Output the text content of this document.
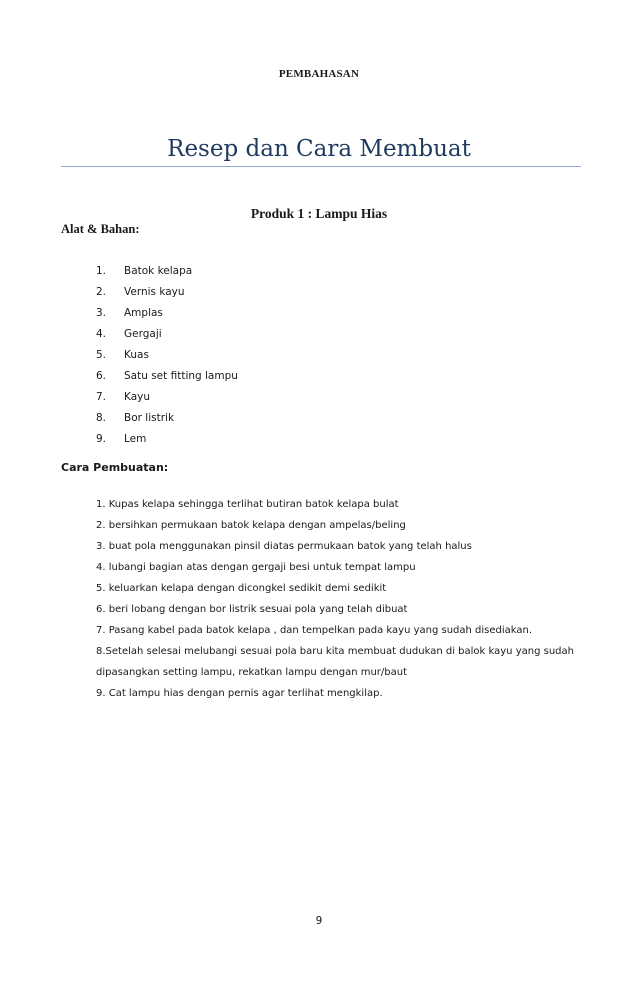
PEMBAHASAN
Resep dan Cara Membuat
Produk 1 : Lampu Hias
Alat & Bahan:
1.	Batok kelapa
2.	Vernis kayu
3.	Amplas
4.	Gergaji
5.	Kuas
6.	Satu set fitting lampu
7.	Kayu
8.	Bor listrik
9.	Lem
Cara Pembuatan:
1. Kupas kelapa sehingga terlihat butiran batok kelapa bulat
2. bersihkan permukaan batok kelapa dengan ampelas/beling
3. buat pola menggunakan pinsil diatas permukaan batok yang telah halus
4. lubangi bagian atas dengan gergaji besi untuk tempat lampu
5. keluarkan kelapa dengan dicongkel sedikit demi sedikit
6. beri lobang dengan bor listrik sesuai pola yang telah dibuat
7. Pasang kabel pada batok kelapa , dan tempelkan pada kayu yang sudah disediakan.
8.Setelah selesai melubangi sesuai pola baru kita membuat dudukan di balok kayu yang sudah dipasangkan setting lampu, rekatkan lampu dengan mur/baut
9. Cat lampu hias dengan pernis agar terlihat mengkilap.
9
